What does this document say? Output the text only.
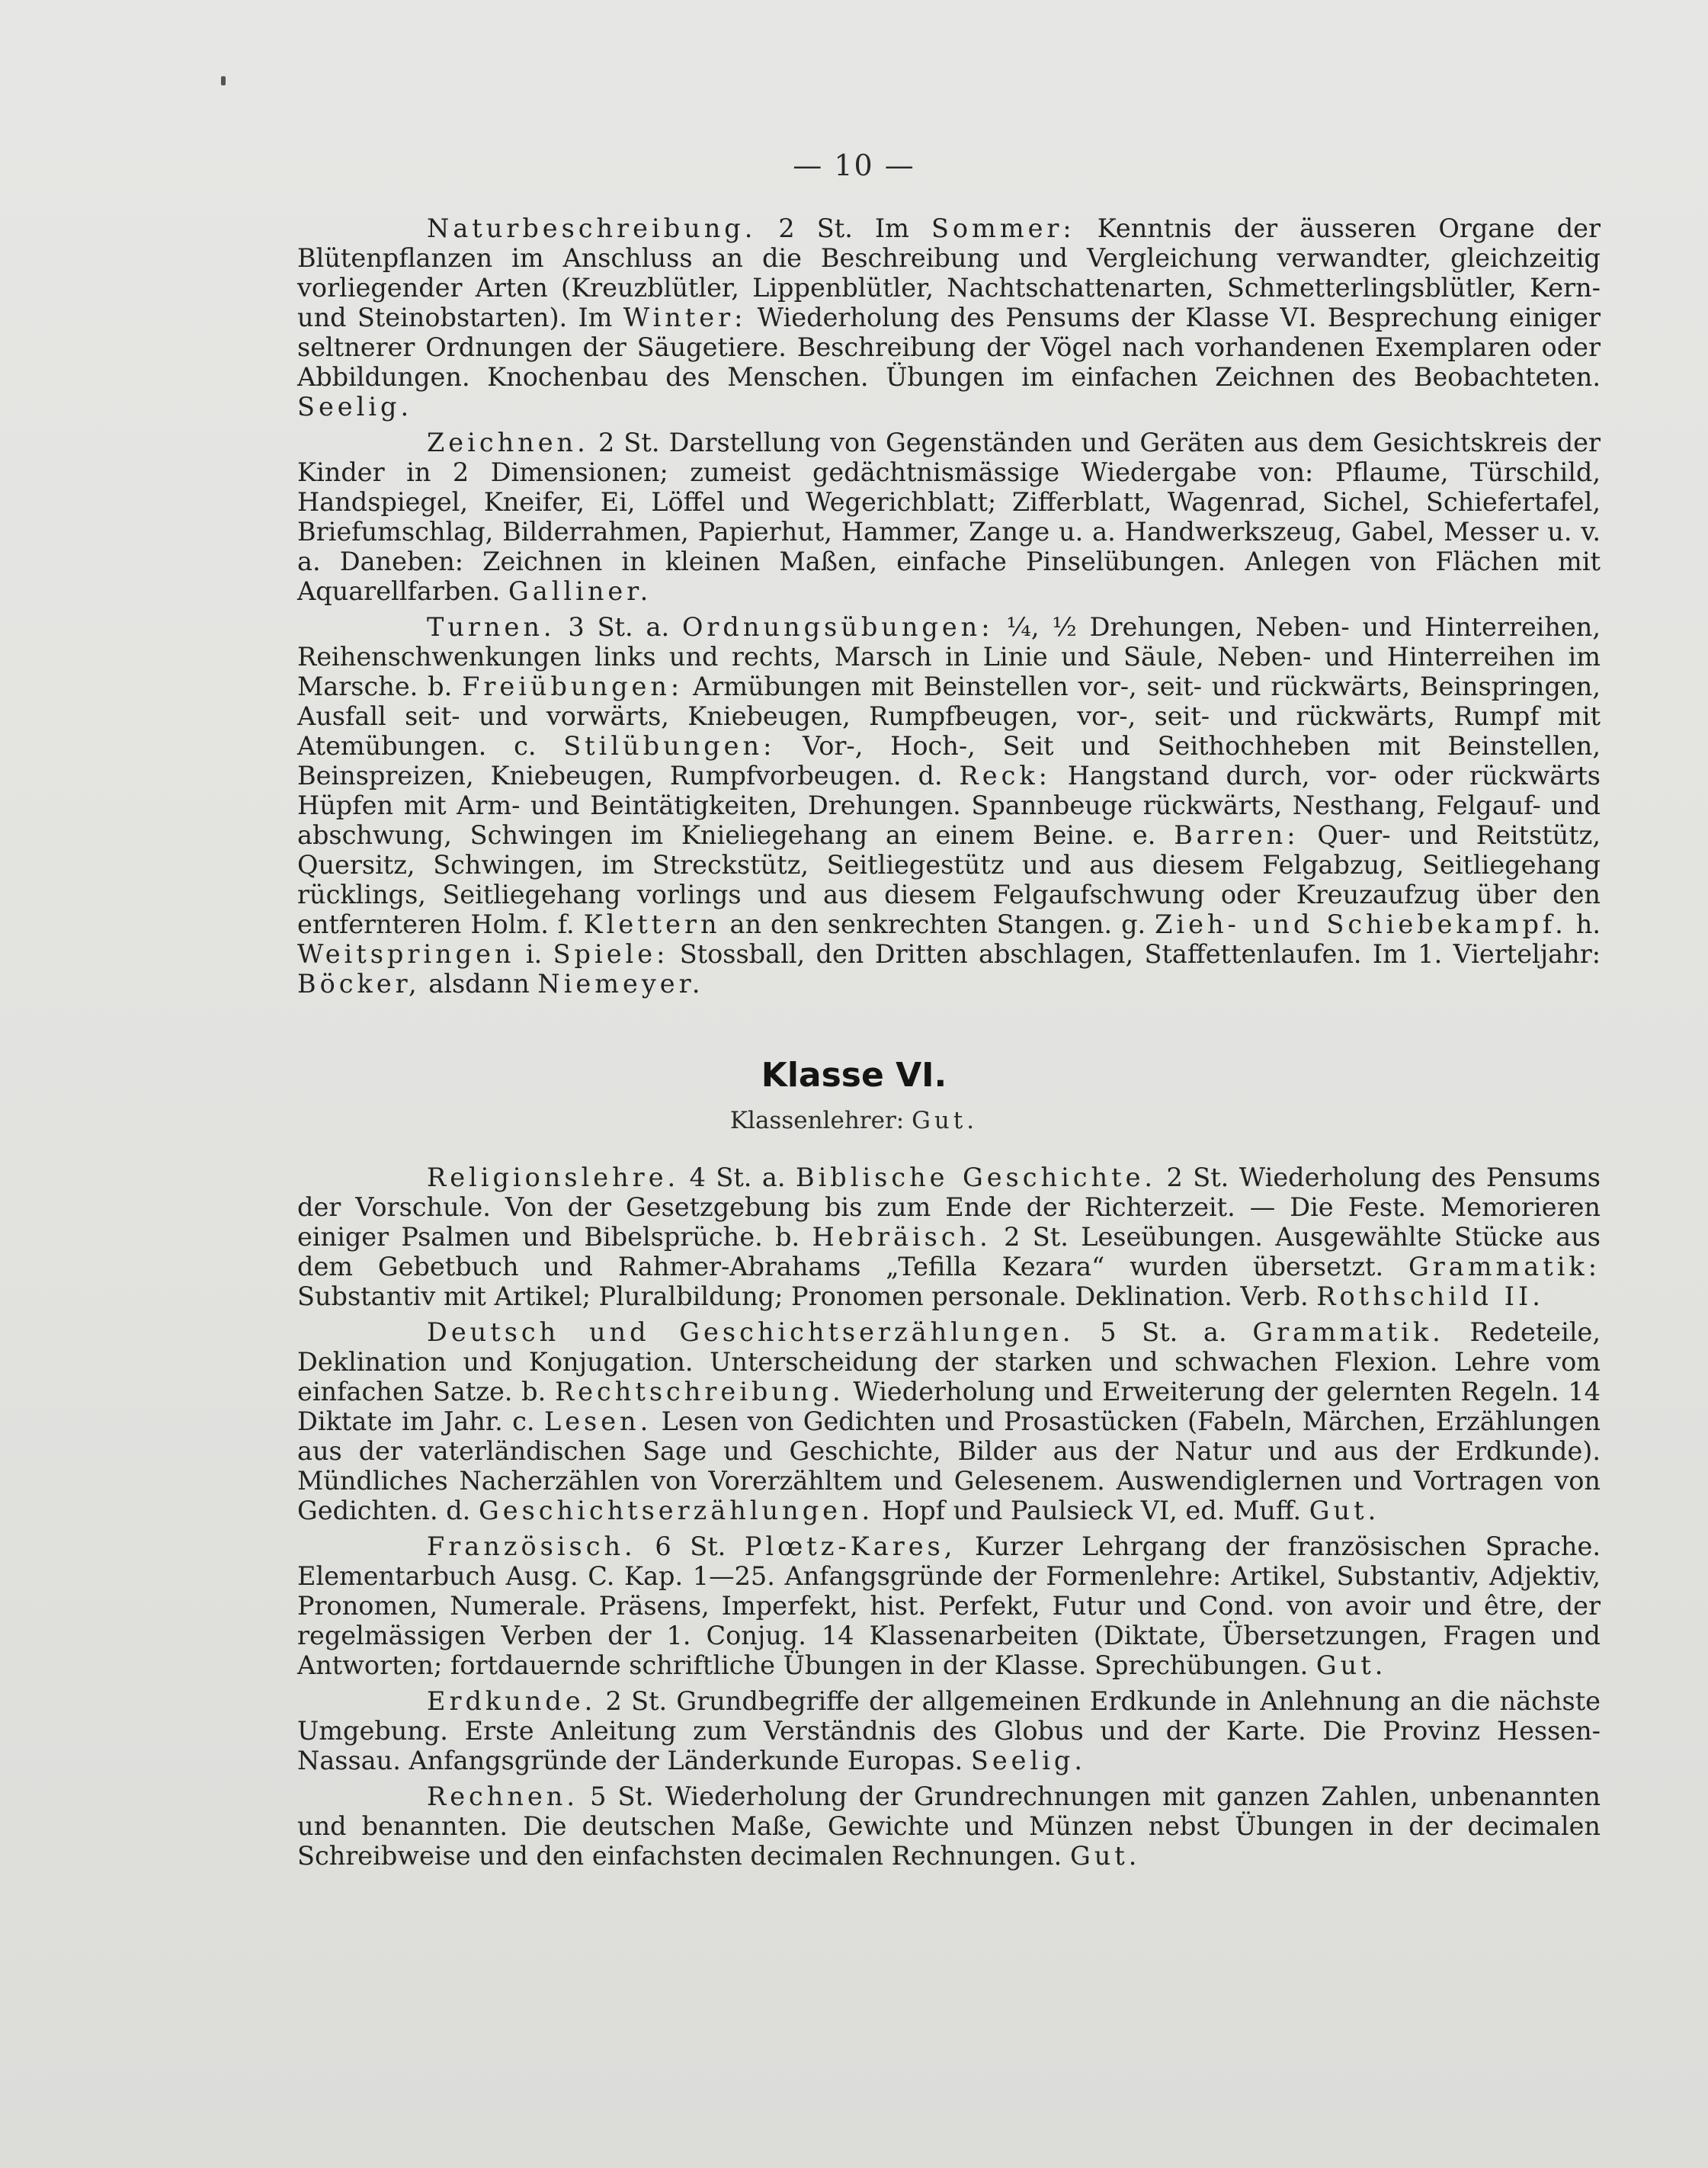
— 10 —

Naturbeschreibung. 2 St. Im Sommer: Kenntnis der äusseren Organe der Blütenpflanzen im Anschluss an die Beschreibung und Vergleichung verwandter, gleichzeitig vorliegender Arten (Kreuzblütler, Lippenblütler, Nachtschattenarten, Schmetterlingsblütler, Kern- und Steinobstarten). Im Winter: Wiederholung des Pensums der Klasse VI. Besprechung einiger seltnerer Ordnungen der Säugetiere. Beschreibung der Vögel nach vorhandenen Exemplaren oder Abbildungen. Knochenbau des Menschen. Übungen im einfachen Zeichnen des Beobachteten. Seelig.

Zeichnen. 2 St. Darstellung von Gegenständen und Geräten aus dem Gesichtskreis der Kinder in 2 Dimensionen; zumeist gedächtnismässige Wiedergabe von: Pflaume, Türschild, Handspiegel, Kneifer, Ei, Löffel und Wegerichblatt; Zifferblatt, Wagenrad, Sichel, Schiefertafel, Briefumschlag, Bilderrahmen, Papierhut, Hammer, Zange u. a. Handwerkszeug, Gabel, Messer u. v. a. Daneben: Zeichnen in kleinen Maßen, einfache Pinselübungen. Anlegen von Flächen mit Aquarellfarben. Galliner.

Turnen. 3 St. a. Ordnungsübungen: ¼, ½ Drehungen, Neben- und Hinterreihen, Reihenschwenkungen links und rechts, Marsch in Linie und Säule, Neben- und Hinterreihen im Marsche. b. Freiübungen: Armübungen mit Beinstellen vor-, seit- und rückwärts, Beinspringen, Ausfall seit- und vorwärts, Kniebeugen, Rumpfbeugen, vor-, seit- und rückwärts, Rumpf mit Atemübungen. c. Stilübungen: Vor-, Hoch-, Seit und Seithochheben mit Beinstellen, Beinspreizen, Kniebeugen, Rumpfvorbeugen. d. Reck: Hangstand durch, vor- oder rückwärts Hüpfen mit Arm- und Beintätigkeiten, Drehungen. Spannbeuge rückwärts, Nesthang, Felgauf- und abschwung, Schwingen im Knieliegehang an einem Beine. e. Barren: Quer- und Reitstütz, Quersitz, Schwingen, im Streckstütz, Seitliegestütz und aus diesem Felgabzug, Seitliegehang rücklings, Seitliegehang vorlings und aus diesem Felgaufschwung oder Kreuzaufzug über den entfernteren Holm. f. Klettern an den senkrechten Stangen. g. Zieh- und Schiebekampf. h. Weitspringen i. Spiele: Stossball, den Dritten abschlagen, Staffettenlaufen. Im 1. Vierteljahr: Böcker, alsdann Niemeyer.

Klasse VI.
Klassenlehrer: Gut.

Religionslehre. 4 St. a. Biblische Geschichte. 2 St. Wiederholung des Pensums der Vorschule. Von der Gesetzgebung bis zum Ende der Richterzeit. — Die Feste. Memorieren einiger Psalmen und Bibelsprüche. b. Hebräisch. 2 St. Leseübungen. Ausgewählte Stücke aus dem Gebetbuch und Rahmer-Abrahams „Tefilla Kezara“ wurden übersetzt. Grammatik: Substantiv mit Artikel; Pluralbildung; Pronomen personale. Deklination. Verb. Rothschild II.

Deutsch und Geschichtserzählungen. 5 St. a. Grammatik. Redeteile, Deklination und Konjugation. Unterscheidung der starken und schwachen Flexion. Lehre vom einfachen Satze. b. Rechtschreibung. Wiederholung und Erweiterung der gelernten Regeln. 14 Diktate im Jahr. c. Lesen. Lesen von Gedichten und Prosastücken (Fabeln, Märchen, Erzählungen aus der vaterländischen Sage und Geschichte, Bilder aus der Natur und aus der Erdkunde). Mündliches Nacherzählen von Vorerzähltem und Gelesenem. Auswendiglernen und Vortragen von Gedichten. d. Geschichtserzählungen. Hopf und Paulsieck VI, ed. Muff. Gut.

Französisch. 6 St. Plœtz-Kares, Kurzer Lehrgang der französischen Sprache. Elementarbuch Ausg. C. Kap. 1—25. Anfangsgründe der Formenlehre: Artikel, Substantiv, Adjektiv, Pronomen, Numerale. Präsens, Imperfekt, hist. Perfekt, Futur und Cond. von avoir und être, der regelmässigen Verben der 1. Conjug. 14 Klassenarbeiten (Diktate, Übersetzungen, Fragen und Antworten; fortdauernde schriftliche Übungen in der Klasse. Sprechübungen. Gut.

Erdkunde. 2 St. Grundbegriffe der allgemeinen Erdkunde in Anlehnung an die nächste Umgebung. Erste Anleitung zum Verständnis des Globus und der Karte. Die Provinz Hessen-Nassau. Anfangsgründe der Länderkunde Europas. Seelig.

Rechnen. 5 St. Wiederholung der Grundrechnungen mit ganzen Zahlen, unbenannten und benannten. Die deutschen Maße, Gewichte und Münzen nebst Übungen in der decimalen Schreibweise und den einfachsten decimalen Rechnungen. Gut.
